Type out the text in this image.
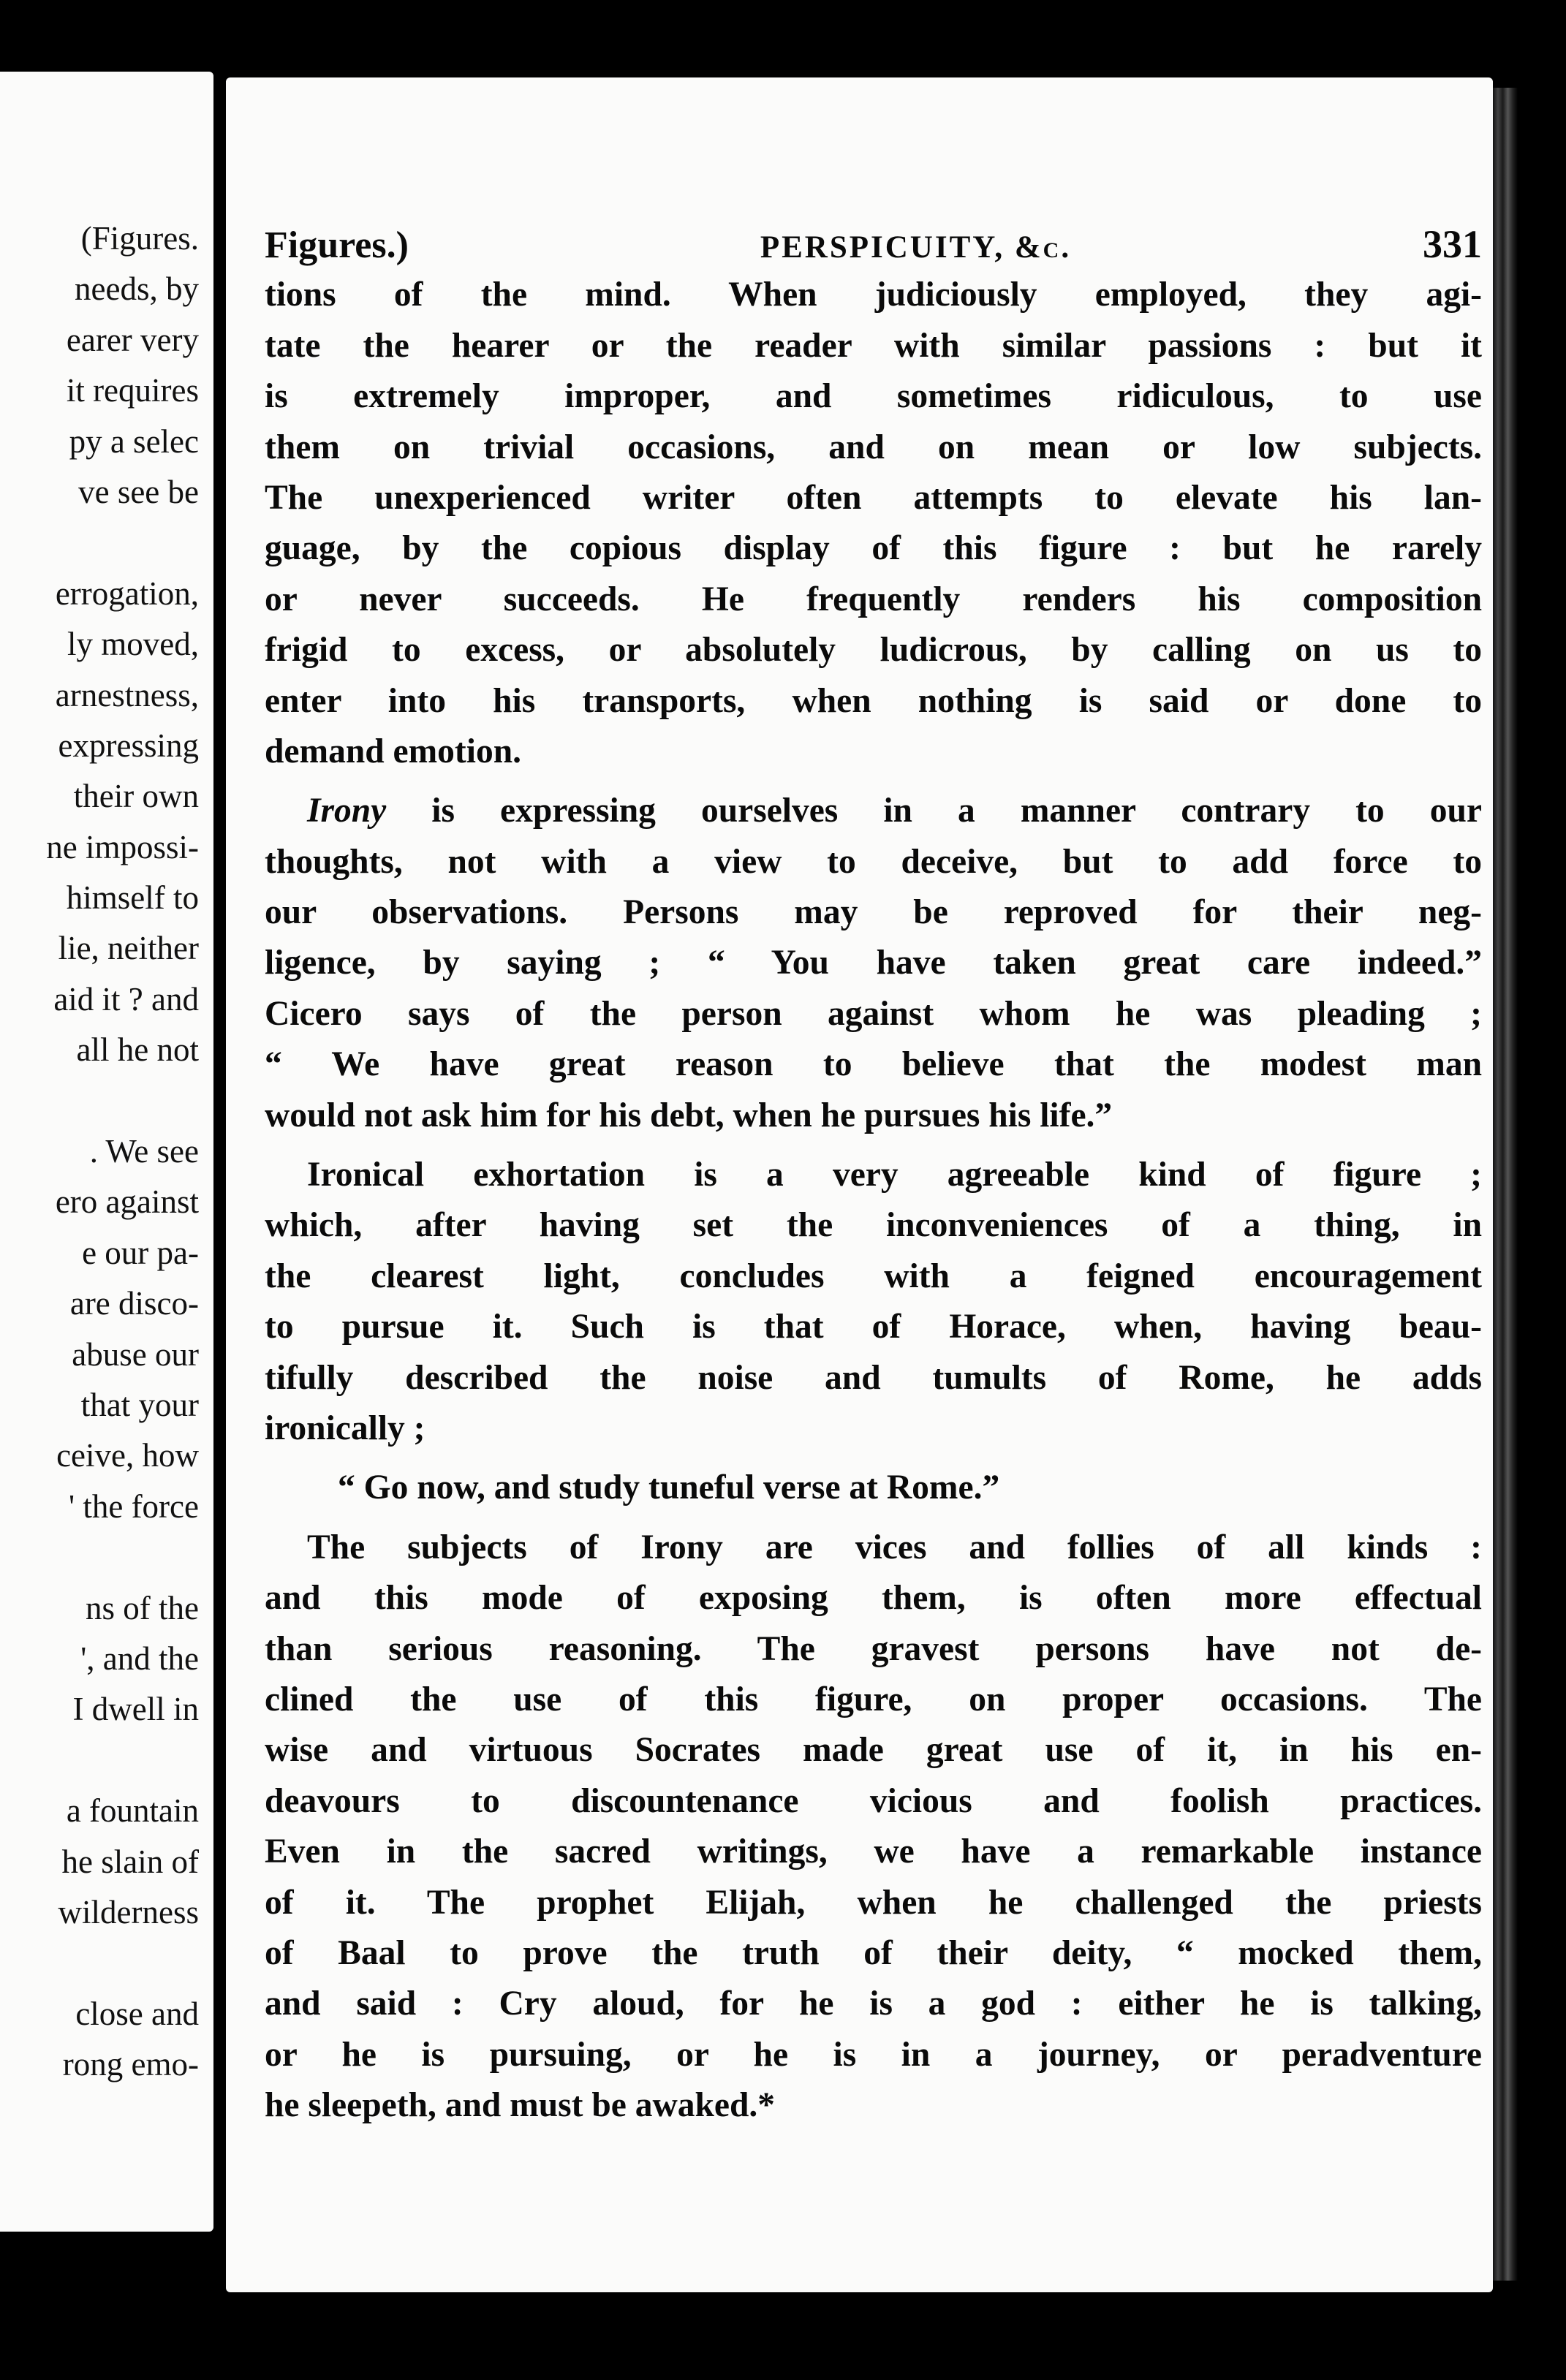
(Figures.
needs, by
earer very
it requires
py a selec
ve see be
errogation,
ly moved,
arnestness,
expressing
their own
ne impossi-
himself to
lie, neither
aid it ? and
all he not
. We see
ero against
e our pa-
are disco-
abuse our
that your
ceive, how
' the force
ns of the
', and the
I dwell in
a fountain
he slain of
wilderness
close and
rong emo-
Figures.)	PERSPICUITY, &c.	331
tions of the mind. When judiciously employed, they agi-
tate the hearer or the reader with similar passions : but it
is extremely improper, and sometimes ridiculous, to use
them on trivial occasions, and on mean or low subjects.
The unexperienced writer often attempts to elevate his lan-
guage, by the copious display of this figure : but he rarely
or never succeeds. He frequently renders his composition
frigid to excess, or absolutely ludicrous, by calling on us to
enter into his transports, when nothing is said or done to
demand emotion.
Irony is expressing ourselves in a manner contrary to our
thoughts, not with a view to deceive, but to add force to
our observations. Persons may be reproved for their neg-
ligence, by saying ; “ You have taken great care indeed.”
Cicero says of the person against whom he was pleading ;
“ We have great reason to believe that the modest man
would not ask him for his debt, when he pursues his life.”
Ironical exhortation is a very agreeable kind of figure ;
which, after having set the inconveniences of a thing, in
the clearest light, concludes with a feigned encouragement
to pursue it. Such is that of Horace, when, having beau-
tifully described the noise and tumults of Rome, he adds
ironically ;
“ Go now, and study tuneful verse at Rome.”
The subjects of Irony are vices and follies of all kinds :
and this mode of exposing them, is often more effectual
than serious reasoning. The gravest persons have not de-
clined the use of this figure, on proper occasions. The
wise and virtuous Socrates made great use of it, in his en-
deavours to discountenance vicious and foolish practices.
Even in the sacred writings, we have a remarkable instance
of it. The prophet Elijah, when he challenged the priests
of Baal to prove the truth of their deity, “ mocked them,
and said : Cry aloud, for he is a god : either he is talking,
or he is pursuing, or he is in a journey, or peradventure
he sleepeth, and must be awaked.*
